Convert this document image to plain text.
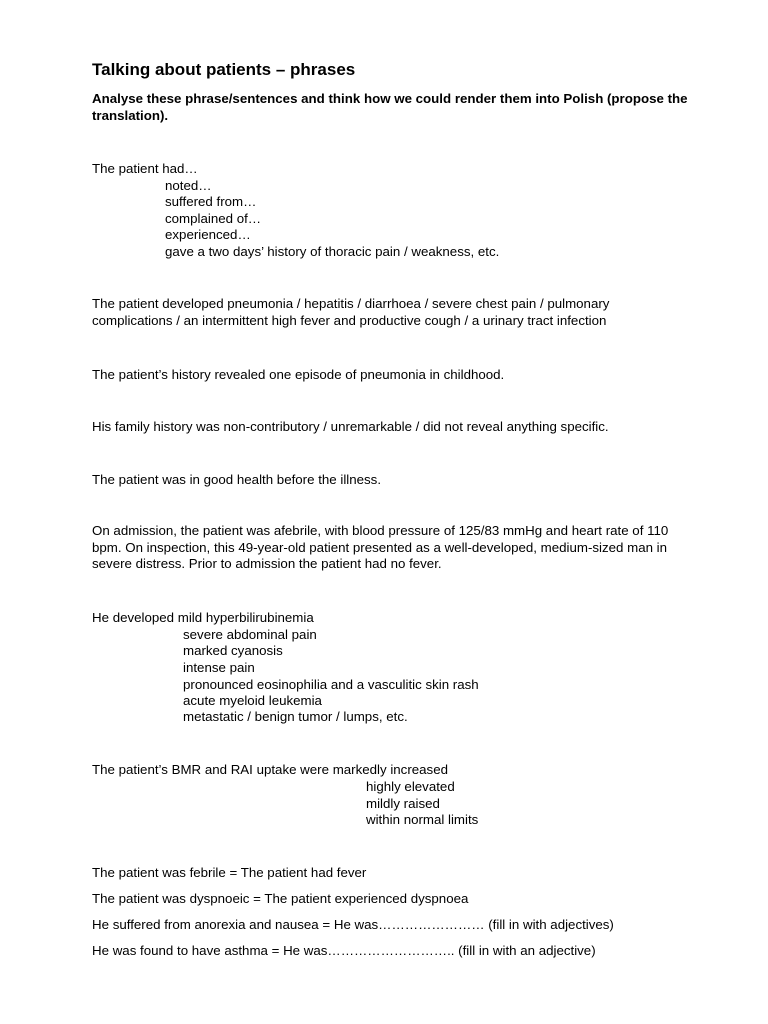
Talking about patients – phrases
Analyse these phrase/sentences and think how we could render them into Polish (propose the translation).
The patient had…
noted…
suffered from…
complained of…
experienced…
gave a two days’ history of thoracic pain / weakness, etc.
The patient developed pneumonia / hepatitis / diarrhoea / severe chest pain / pulmonary complications / an intermittent high fever and productive cough / a urinary tract infection
The patient’s history revealed one episode of pneumonia in childhood.
His family history was non-contributory / unremarkable / did not reveal anything specific.
The patient was in good health before the illness.
On admission, the patient was afebrile, with blood pressure of 125/83 mmHg and heart rate of 110 bpm. On inspection, this 49-year-old patient presented as a well-developed, medium-sized man in severe distress. Prior to admission the patient had no fever.
He developed mild hyperbilirubinemia
severe abdominal pain
marked cyanosis
intense pain
pronounced eosinophilia and a vasculitic skin rash
acute myeloid leukemia
metastatic / benign tumor / lumps, etc.
The patient’s BMR and RAI uptake were markedly increased
highly elevated
mildly raised
within normal limits
The patient was febrile = The patient had fever
The patient was dyspnoeic = The patient experienced dyspnoea
He suffered from anorexia and nausea = He was…………………… (fill in with adjectives)
He was found to have asthma = He was……………………….. (fill in with an adjective)
